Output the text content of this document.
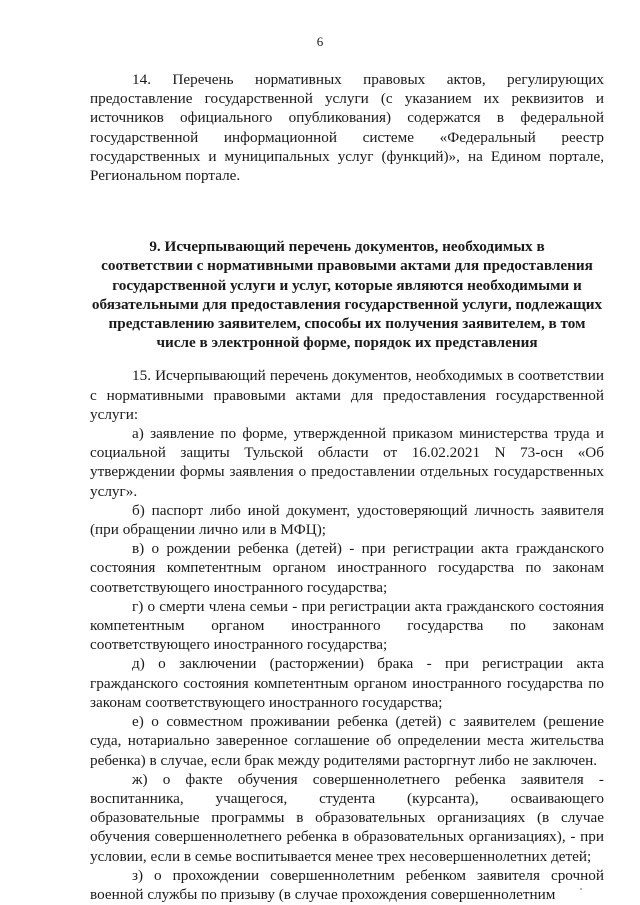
6

14. Перечень нормативных правовых актов, регулирующих предоставление государственной услуги (с указанием их реквизитов и источников официального опубликования) содержатся в федеральной государственной информационной системе «Федеральный реестр государственных и муниципальных услуг (функций)», на Едином портале, Региональном портале.

9. Исчерпывающий перечень документов, необходимых в
соответствии с нормативными правовыми актами для предоставления
государственной услуги и услуг, которые являются необходимыми и
обязательными для предоставления государственной услуги, подлежащих
представлению заявителем, способы их получения заявителем, в том
числе в электронной форме, порядок их представления

15. Исчерпывающий перечень документов, необходимых в соответствии с нормативными правовыми актами для предоставления государственной услуги:

а) заявление по форме, утвержденной приказом министерства труда и социальной защиты Тульской области от 16.02.2021 N 73-осн «Об утверждении формы заявления о предоставлении отдельных государственных услуг».

б) паспорт либо иной документ, удостоверяющий личность заявителя (при обращении лично или в МФЦ);

в) о рождении ребенка (детей) - при регистрации акта гражданского состояния компетентным органом иностранного государства по законам соответствующего иностранного государства;

г) о смерти члена семьи - при регистрации акта гражданского состояния компетентным органом иностранного государства по законам соответствующего иностранного государства;

д) о заключении (расторжении) брака - при регистрации акта гражданского состояния компетентным органом иностранного государства по законам соответствующего иностранного государства;

е) о совместном проживании ребенка (детей) с заявителем (решение суда, нотариально заверенное соглашение об определении места жительства ребенка) в случае, если брак между родителями расторгнут либо не заключен.

ж) о факте обучения совершеннолетнего ребенка заявителя - воспитанника, учащегося, студента (курсанта), осваивающего образовательные программы в образовательных организациях (в случае обучения совершеннолетнего ребенка в образовательных организациях), - при условии, если в семье воспитывается менее трех несовершеннолетних детей;

з) о прохождении совершеннолетним ребенком заявителя срочной военной службы по призыву (в случае прохождения совершеннолетним
